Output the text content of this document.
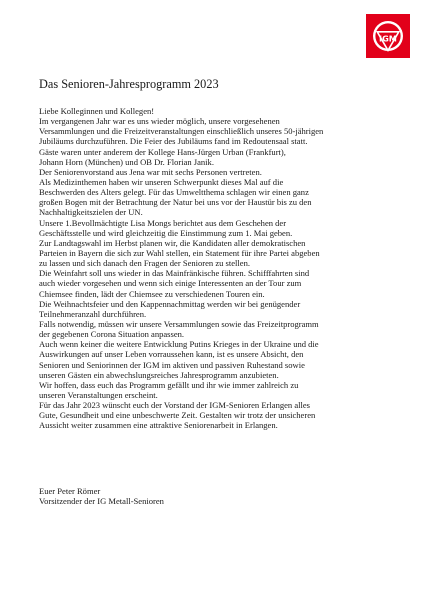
IGM
Das Senioren-Jahresprogramm 2023
Liebe Kolleginnen und Kollegen!
Im vergangenen Jahr war es uns wieder möglich, unsere vorgesehenen
Versammlungen und die Freizeitveranstaltungen einschließlich unseres 50-jährigen
Jubiläums durchzuführen. Die Feier des Jubiläums fand im Redoutensaal statt.
Gäste waren unter anderem der Kollege Hans-Jürgen Urban (Frankfurt),
Johann Horn (München) und OB Dr. Florian Janik.
Der Seniorenvorstand aus Jena war mit sechs Personen vertreten.
Als Medizinthemen haben wir unseren Schwerpunkt dieses Mal auf die
Beschwerden des Alters gelegt. Für das Umweltthema schlagen wir einen ganz
großen Bogen mit der Betrachtung der Natur bei uns vor der Haustür bis zu den
Nachhaltigkeitszielen der UN.
Unsere 1.Bevollmächtigte Lisa Mongs berichtet aus dem Geschehen der
Geschäftsstelle und wird gleichzeitig die Einstimmung zum 1. Mai geben.
Zur Landtagswahl im Herbst planen wir, die Kandidaten aller demokratischen
Parteien in Bayern die sich zur Wahl stellen, ein Statement für ihre Partei abgeben
zu lassen und sich danach den Fragen der Senioren zu stellen.
Die Weinfahrt soll uns wieder in das Mainfränkische führen. Schifffahrten sind
auch wieder vorgesehen und wenn sich einige Interessenten an der Tour zum
Chiemsee finden, lädt der Chiemsee zu verschiedenen Touren ein.
Die Weihnachtsfeier und den Kappennachmittag werden wir bei genügender
Teilnehmeranzahl durchführen.
Falls notwendig, müssen wir unsere Versammlungen sowie das Freizeitprogramm
der gegebenen Corona Situation anpassen.
Auch wenn keiner die weitere Entwicklung Putins Krieges in der Ukraine und die
Auswirkungen auf unser Leben vorraussehen kann, ist es unsere Absicht, den
Senioren und Seniorinnen der IGM im aktiven und passiven Ruhestand sowie
unseren Gästen ein abwechslungsreiches Jahresprogramm anzubieten.
Wir hoffen, dass euch das Programm gefällt und ihr wie immer zahlreich zu
unseren Veranstaltungen erscheint.
Für das Jahr 2023 wünscht euch der Vorstand der IGM-Senioren Erlangen alles
Gute, Gesundheit und eine unbeschwerte Zeit. Gestalten wir trotz der unsicheren
Aussicht weiter zusammen eine attraktive Seniorenarbeit in Erlangen.
Euer Peter Römer
Vorsitzender der IG Metall-Senioren
